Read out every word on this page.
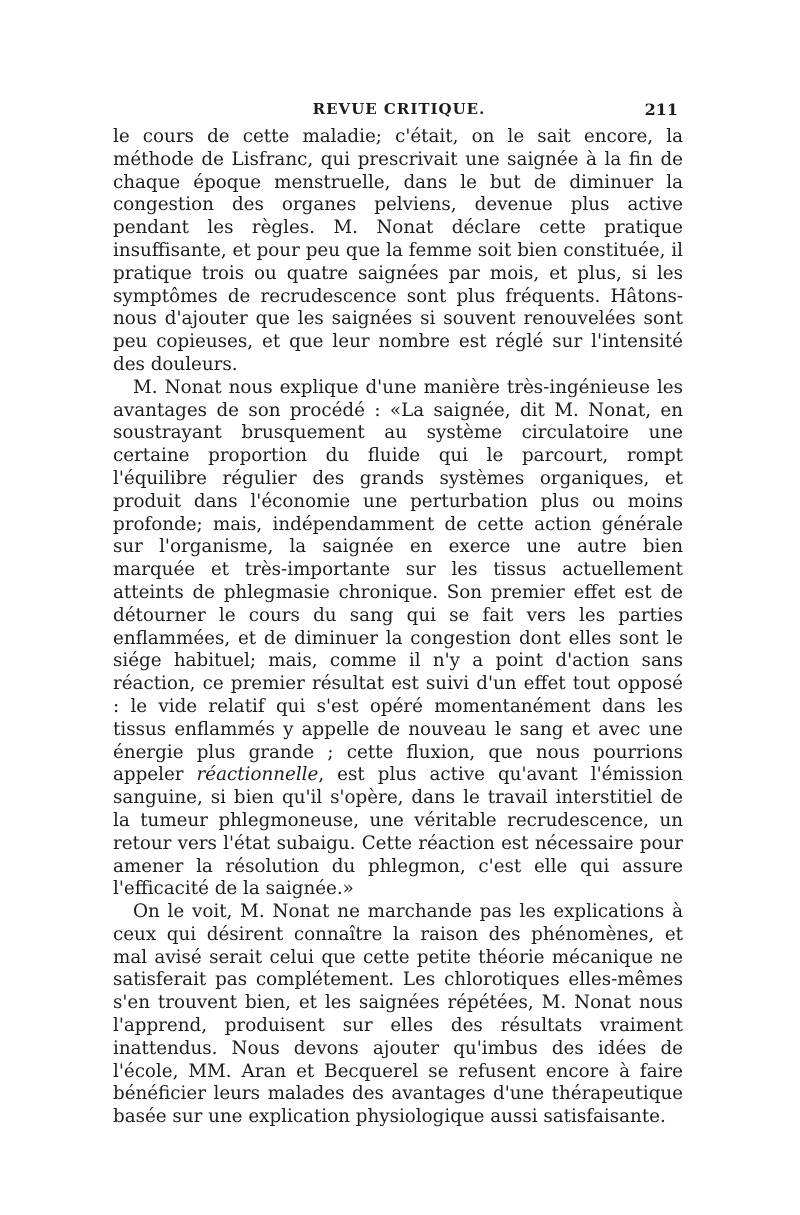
REVUE CRITIQUE.	211

le cours de cette maladie; c'était, on le sait encore, la méthode de Lisfranc, qui prescrivait une saignée à la fin de chaque époque menstruelle, dans le but de diminuer la congestion des organes pelviens, devenue plus active pendant les règles. M. Nonat déclare cette pratique insuffisante, et pour peu que la femme soit bien constituée, il pratique trois ou quatre saignées par mois, et plus, si les symptômes de recrudescence sont plus fréquents. Hâtons-nous d'ajouter que les saignées si souvent renouvelées sont peu copieuses, et que leur nombre est réglé sur l'intensité des douleurs.

M. Nonat nous explique d'une manière très-ingénieuse les avantages de son procédé : «La saignée, dit M. Nonat, en soustrayant brusquement au système circulatoire une certaine proportion du fluide qui le parcourt, rompt l'équilibre régulier des grands systèmes organiques, et produit dans l'économie une perturbation plus ou moins profonde; mais, indépendamment de cette action générale sur l'organisme, la saignée en exerce une autre bien marquée et très-importante sur les tissus actuellement atteints de phlegmasie chronique. Son premier effet est de détourner le cours du sang qui se fait vers les parties enflammées, et de diminuer la congestion dont elles sont le siége habituel; mais, comme il n'y a point d'action sans réaction, ce premier résultat est suivi d'un effet tout opposé : le vide relatif qui s'est opéré momentanément dans les tissus enflammés y appelle de nouveau le sang et avec une énergie plus grande ; cette fluxion, que nous pourrions appeler réactionnelle, est plus active qu'avant l'émission sanguine, si bien qu'il s'opère, dans le travail interstitiel de la tumeur phlegmoneuse, une véritable recrudescence, un retour vers l'état subaigu. Cette réaction est nécessaire pour amener la résolution du phlegmon, c'est elle qui assure l'efficacité de la saignée.»

On le voit, M. Nonat ne marchande pas les explications à ceux qui désirent connaître la raison des phénomènes, et mal avisé serait celui que cette petite théorie mécanique ne satisferait pas complétement. Les chlorotiques elles-mêmes s'en trouvent bien, et les saignées répétées, M. Nonat nous l'apprend, produisent sur elles des résultats vraiment inattendus. Nous devons ajouter qu'imbus des idées de l'école, MM. Aran et Becquerel se refusent encore à faire bénéficier leurs malades des avantages d'une thérapeutique basée sur une explication physiologique aussi satisfaisante.
